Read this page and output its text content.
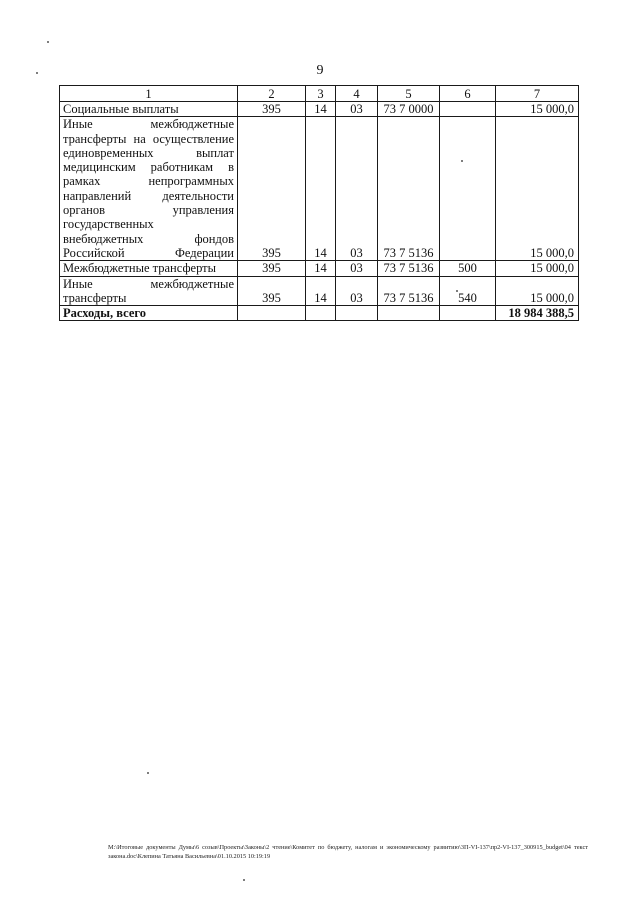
9
1	2	3	4	5	6	7
Социальные выплаты	395	14	03	73 7 0000		15 000,0
Иные межбюджетные трансферты на осуществление единовременных выплат медицинским работникам в рамках непрограммных направлений деятельности органов управления государственных внебюджетных фондов
Российской Федерации	395	14	03	73 7 5136		15 000,0
Межбюджетные трансферты	395	14	03	73 7 5136	500	15 000,0
Иные межбюджетные
трансферты	395	14	03	73 7 5136	540	15 000,0
Расходы, всего						18 984 388,5
M:\Итоговые документы Думы\6 созыв\Проекты\Законы\2 чтение\Комитет по бюджету, налогам и экономическому развитию\3П-VI-137\пр2-VI-137_300915_budget\04 текст закона.doc\Клепина Татьяна Васильевна\01.10.2015 10:19:19
